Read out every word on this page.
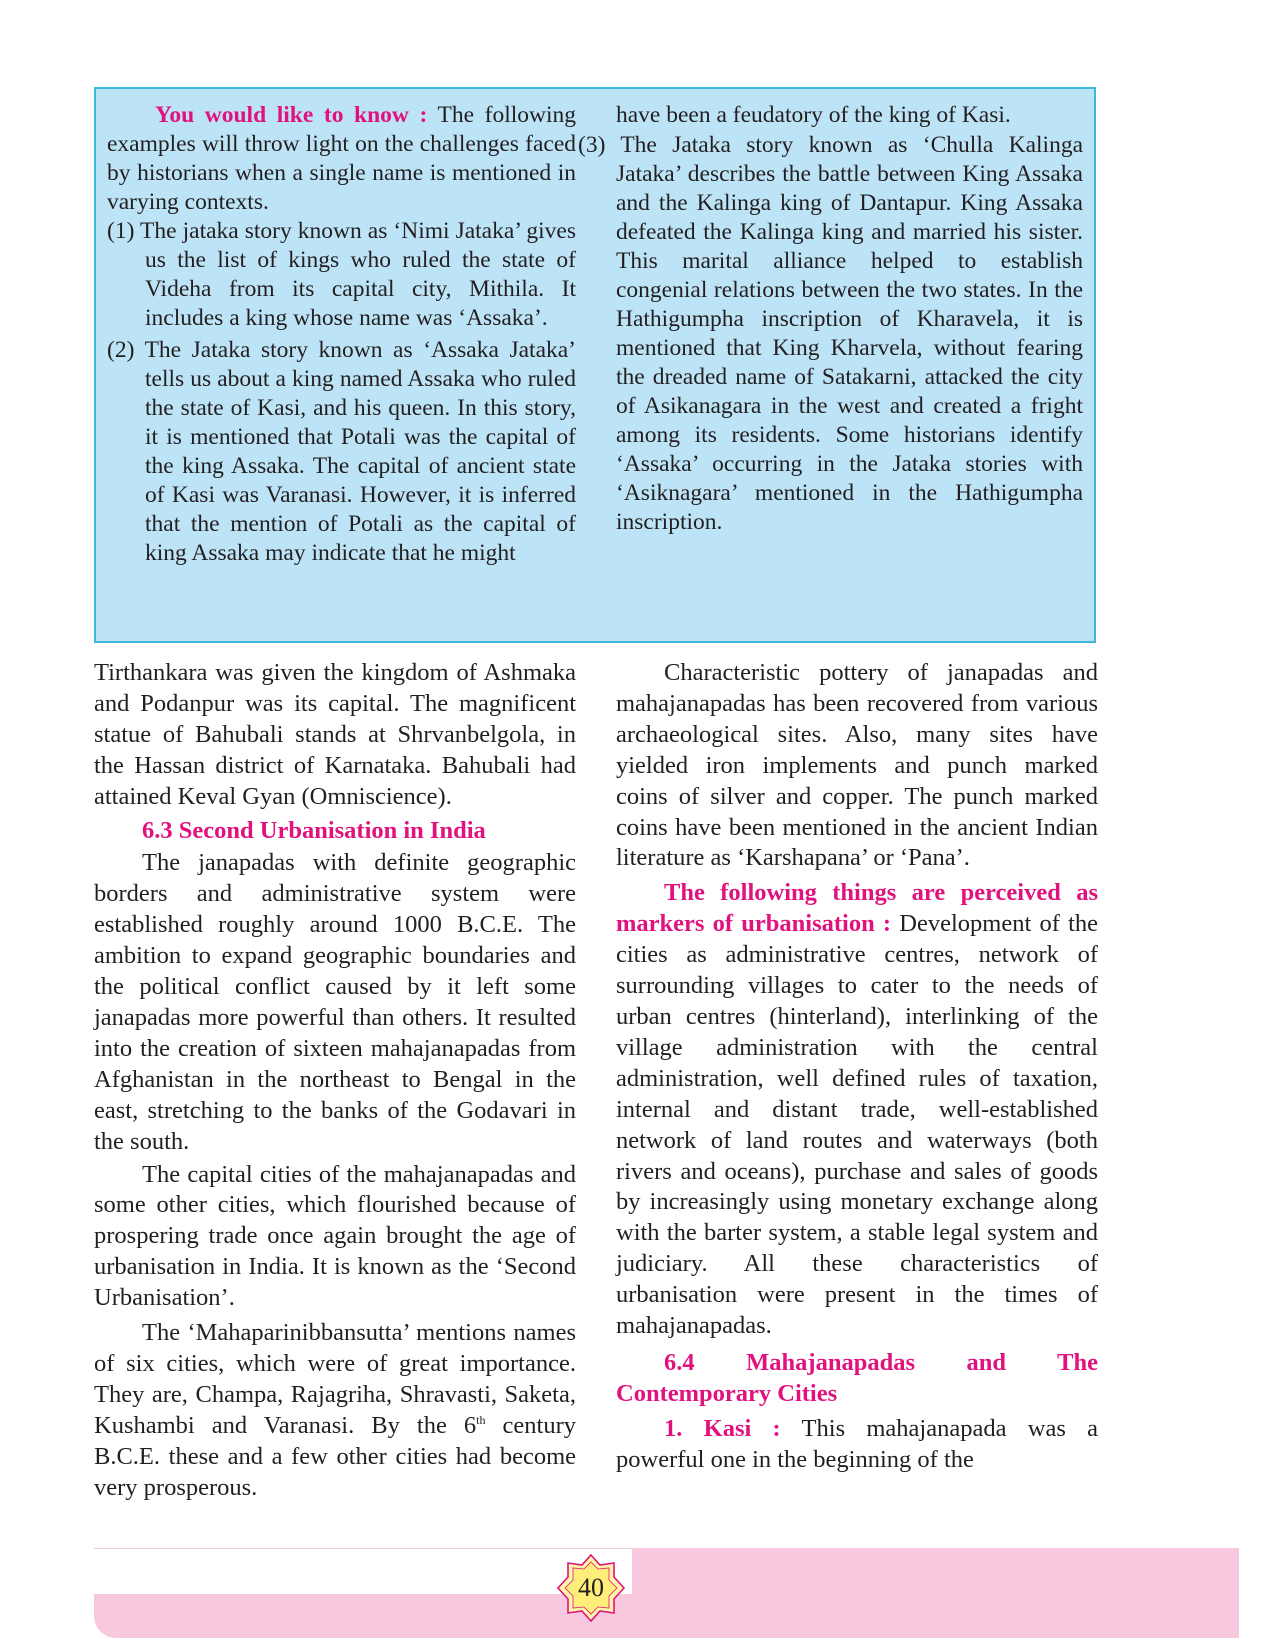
You would like to know : The following examples will throw light on the challenges faced by historians when a single name is mentioned in varying contexts.

(1) The jataka story known as ‘Nimi Jataka’ gives us the list of kings who ruled the state of Videha from its capital city, Mithila. It includes a king whose name was ‘Assaka’.

(2) The Jataka story known as ‘Assaka Jataka’ tells us about a king named Assaka who ruled the state of Kasi, and his queen. In this story, it is mentioned that Potali was the capital of the king Assaka. The capital of ancient state of Kasi was Varanasi. However, it is inferred that the mention of Potali as the capital of king Assaka may indicate that he might

have been a feudatory of the king of Kasi.

(3) The Jataka story known as ‘Chulla Kalinga Jataka’ describes the battle between King Assaka and the Kalinga king of Dantapur. King Assaka defeated the Kalinga king and married his sister. This marital alliance helped to establish congenial relations between the two states. In the Hathigumpha inscription of Kharavela, it is mentioned that King Kharvela, without fearing the dreaded name of Satakarni, attacked the city of Asikanagara in the west and created a fright among its residents. Some historians identify ‘Assaka’ occurring in the Jataka stories with ‘Asiknagara’ mentioned in the Hathigumpha inscription.

Tirthankara was given the kingdom of Ashmaka and Podanpur was its capital. The magnificent statue of Bahubali stands at Shrvanbelgola, in the Hassan district of Karnataka. Bahubali had attained Keval Gyan (Omniscience).

6.3 Second Urbanisation in India

The janapadas with definite geographic borders and administrative system were established roughly around 1000 B.C.E. The ambition to expand geographic boundaries and the political conflict caused by it left some janapadas more powerful than others. It resulted into the creation of sixteen mahajanapadas from Afghanistan in the northeast to Bengal in the east, stretching to the banks of the Godavari in the south.

The capital cities of the mahajanapadas and some other cities, which flourished because of prospering trade once again brought the age of urbanisation in India. It is known as the ‘Second Urbanisation’.

The ‘Mahaparinibbansutta’ mentions names of six cities, which were of great importance. They are, Champa, Rajagriha, Shravasti, Saketa, Kushambi and Varanasi. By the 6th century B.C.E. these and a few other cities had become very prosperous.

Characteristic pottery of janapadas and mahajanapadas has been recovered from various archaeological sites. Also, many sites have yielded iron implements and punch marked coins of silver and copper. The punch marked coins have been mentioned in the ancient Indian literature as ‘Karshapana’ or ‘Pana’.

The following things are perceived as markers of urbanisation : Development of the cities as administrative centres, network of surrounding villages to cater to the needs of urban centres (hinterland), interlinking of the village administration with the central administration, well defined rules of taxation, internal and distant trade, well-established network of land routes and waterways (both rivers and oceans), purchase and sales of goods by increasingly using monetary exchange along with the barter system, a stable legal system and judiciary. All these characteristics of urbanisation were present in the times of mahajanapadas.

6.4 Mahajanapadas and The Contemporary Cities

1. Kasi : This mahajanapada was a powerful one in the beginning of the

40
